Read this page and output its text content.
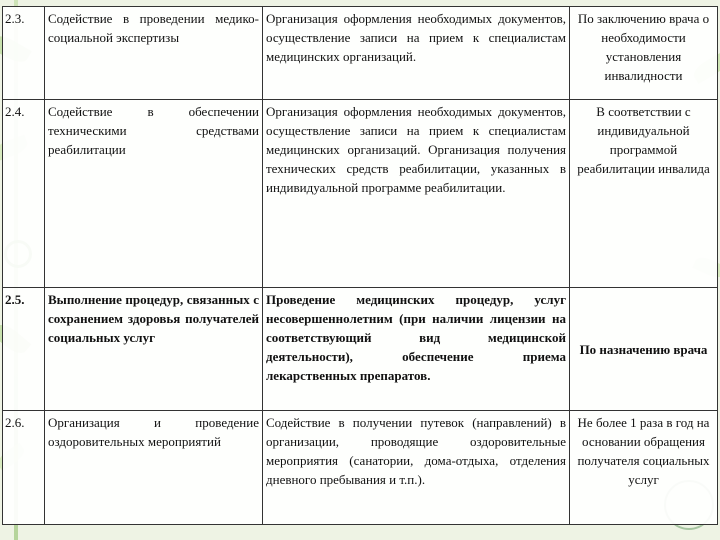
2.3.	Содействие в проведении медико-социальной экспертизы	Организация оформления необходимых документов, осуществление записи на прием к специалистам медицинских организаций.	По заключению врача о необходимости установления инвалидности
2.4.	Содействие в обеспечении техническими средствами реабилитации	Организация оформления необходимых документов, осуществление записи на прием к специалистам медицинских организаций. Организация получения технических средств реабилитации, указанных в индивидуальной программе реабилитации.	В соответствии с индивидуальной программой реабилитации инвалида
2.5.	Выполнение процедур, связанных с сохранением здоровья получателей социальных услуг	Проведение медицинских процедур, услуг несовершеннолетним (при наличии лицензии на соответствующий вид медицинской деятельности), обеспечение приема лекарственных препаратов.	По назначению врача
2.6.	Организация и проведение оздоровительных мероприятий	Содействие в получении путевок (направлений) в организации, проводящие оздоровительные мероприятия (санатории, дома-отдыха, отделения дневного пребывания и т.п.).	Не более 1 раза в год на основании обращения получателя социальных услуг
